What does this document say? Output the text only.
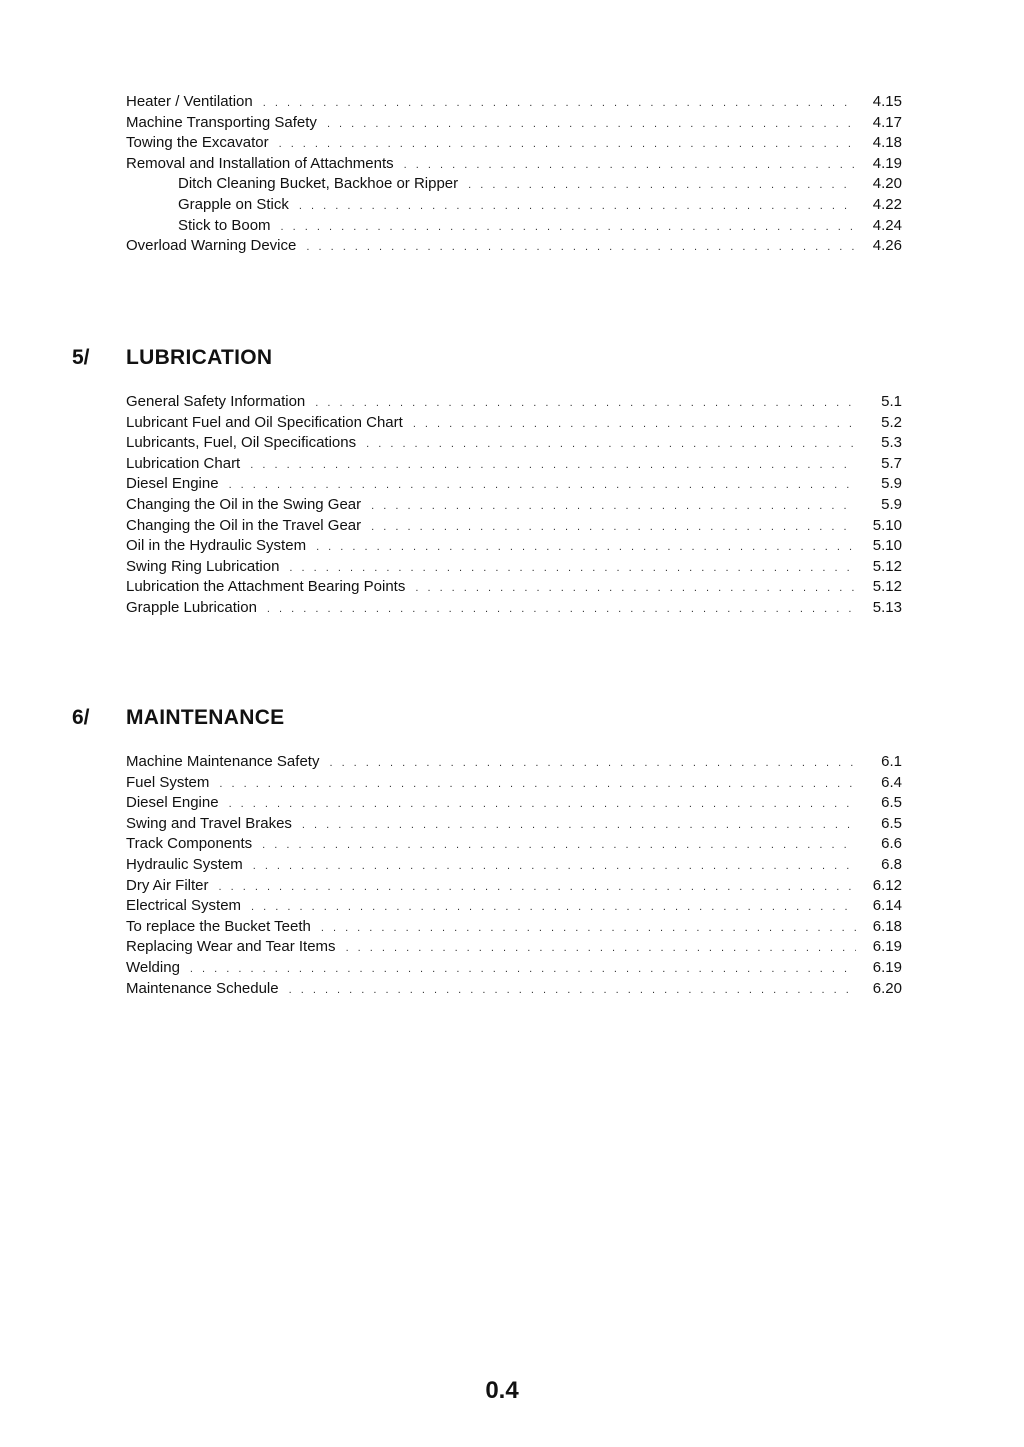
Heater / Ventilation . . .	4.15
Machine Transporting Safety . . .	4.17
Towing the Excavator . . .	4.18
Removal and Installation of Attachments . . .	4.19
Ditch Cleaning Bucket, Backhoe or Ripper . . .	4.20
Grapple on Stick . . .	4.22
Stick to Boom . . .	4.24
Overload Warning Device . . .	4.26
5/	LUBRICATION
General Safety Information . . .	5.1
Lubricant Fuel and Oil Specification Chart . . .	5.2
Lubricants, Fuel, Oil Specifications . . .	5.3
Lubrication Chart . . .	5.7
Diesel Engine . . .	5.9
Changing the Oil in the Swing Gear . . .	5.9
Changing the Oil in the Travel Gear . . .	5.10
Oil in the Hydraulic System . . .	5.10
Swing Ring Lubrication . . .	5.12
Lubrication the Attachment Bearing Points . . .	5.12
Grapple Lubrication . . .	5.13
6/	MAINTENANCE
Machine Maintenance Safety . . .	6.1
Fuel System . . .	6.4
Diesel Engine . . .	6.5
Swing and Travel Brakes . . .	6.5
Track Components . . .	6.6
Hydraulic System . . .	6.8
Dry Air Filter . . .	6.12
Electrical System . . .	6.14
To replace the Bucket Teeth . . .	6.18
Replacing Wear and Tear Items . . .	6.19
Welding . . .	6.19
Maintenance Schedule . . .	6.20
0.4
